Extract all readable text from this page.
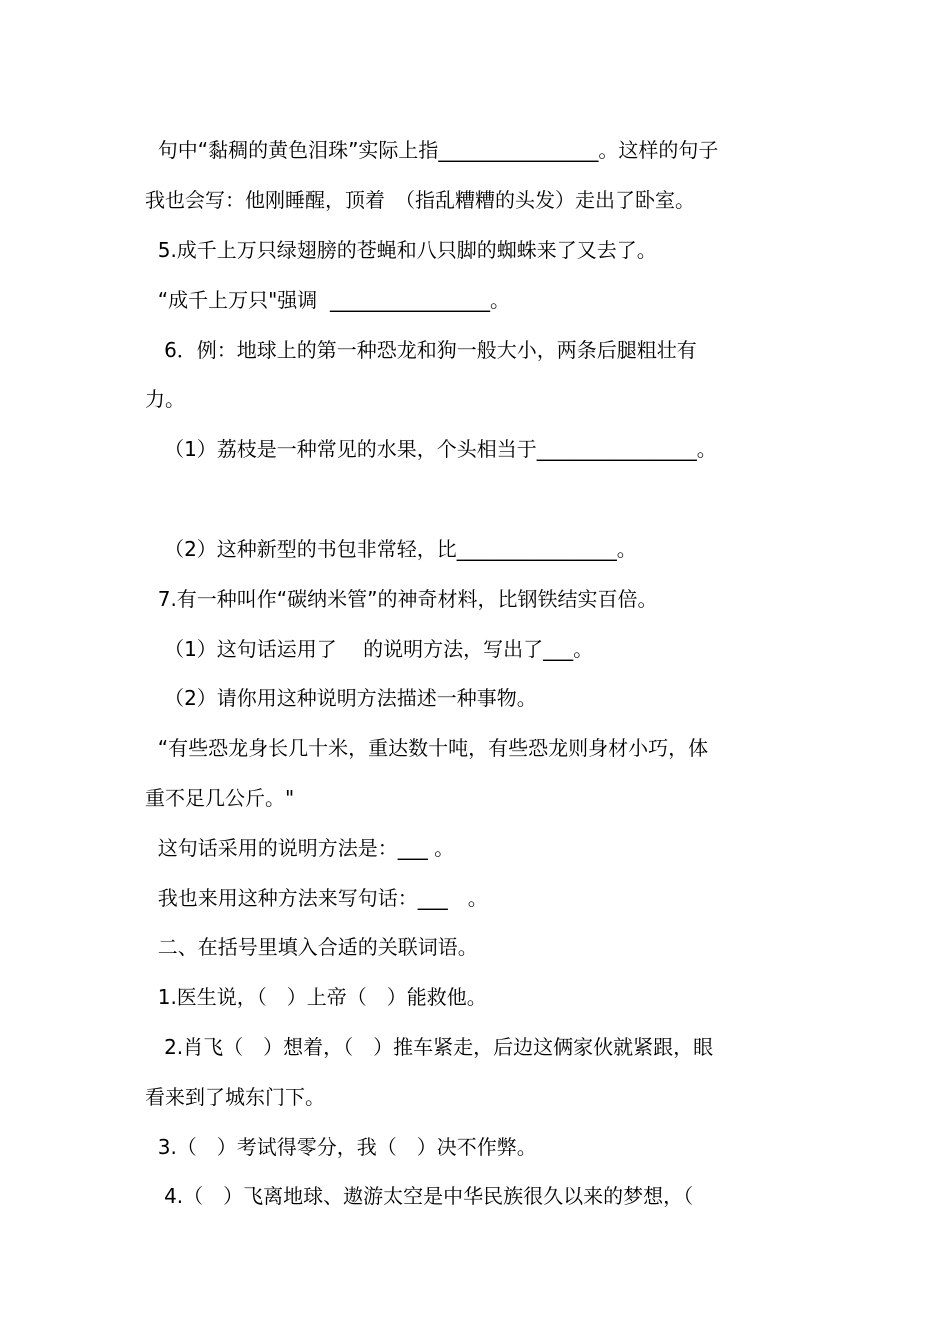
句中“黏稠的黄色泪珠”实际上指________________。这样的句子
我也会写：他刚睡醒，顶着　（指乱糟糟的头发）走出了卧室。
5.成千上万只绿翅膀的苍蝇和八只脚的蜘蛛来了又去了。
“成千上万只"强调  ________________。
6．例：地球上的第一种恐龙和狗一般大小，两条后腿粗壮有
力。
（1）荔枝是一种常见的水果，个头相当于________________。
（2）这种新型的书包非常轻，比________________。
7.有一种叫作“碳纳米管”的神奇材料，比钢铁结实百倍。
（1）这句话运用了　 的说明方法，写出了___。
（2）请你用这种说明方法描述一种事物。
“有些恐龙身长几十米，重达数十吨，有些恐龙则身材小巧，体
重不足几公斤。"
这句话采用的说明方法是：___ 。
我也来用这种方法来写句话：___　。
二、在括号里填入合适的关联词语。
1.医生说，（　）上帝（　）能救他。
2.肖飞（　）想着，（　）推车紧走，后边这俩家伙就紧跟，眼
看来到了城东门下。
3.（　）考试得零分，我（　）决不作弊。
4.（　）飞离地球、遨游太空是中华民族很久以来的梦想，（
